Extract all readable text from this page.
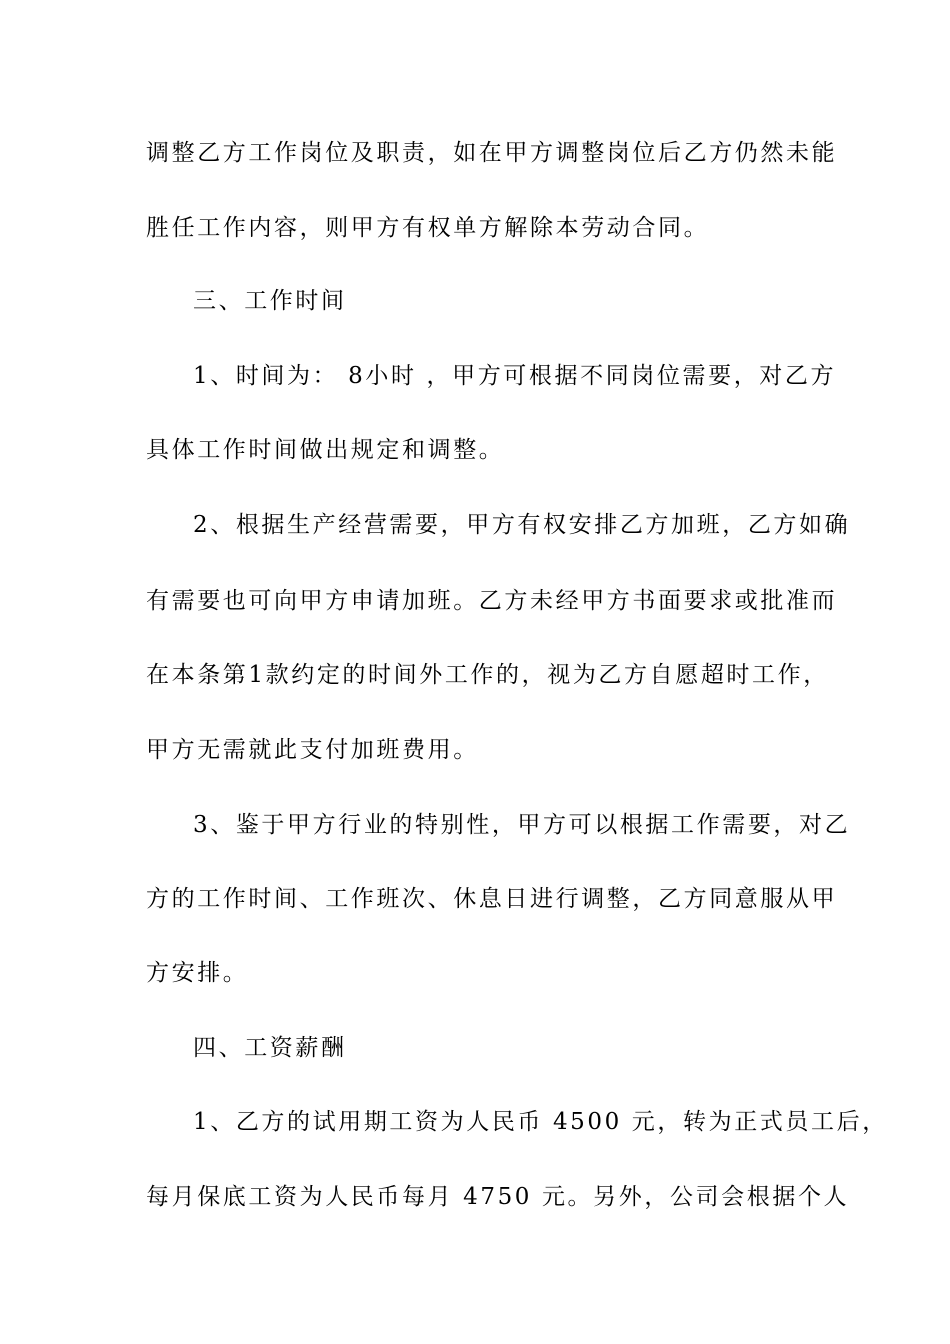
调整乙方工作岗位及职责，如在甲方调整岗位后乙方仍然未能
胜任工作内容，则甲方有权单方解除本劳动合同。
三、工作时间
1、时间为： 8小时 ，甲方可根据不同岗位需要，对乙方
具体工作时间做出规定和调整。
2、根据生产经营需要，甲方有权安排乙方加班，乙方如确
有需要也可向甲方申请加班。乙方未经甲方书面要求或批准而
在本条第1款约定的时间外工作的，视为乙方自愿超时工作，
甲方无需就此支付加班费用。
3、鉴于甲方行业的特别性，甲方可以根据工作需要，对乙
方的工作时间、工作班次、休息日进行调整，乙方同意服从甲
方安排。
四、工资薪酬
1、乙方的试用期工资为人民币 4500 元，转为正式员工后，
每月保底工资为人民币每月 4750 元。另外，公司会根据个人
